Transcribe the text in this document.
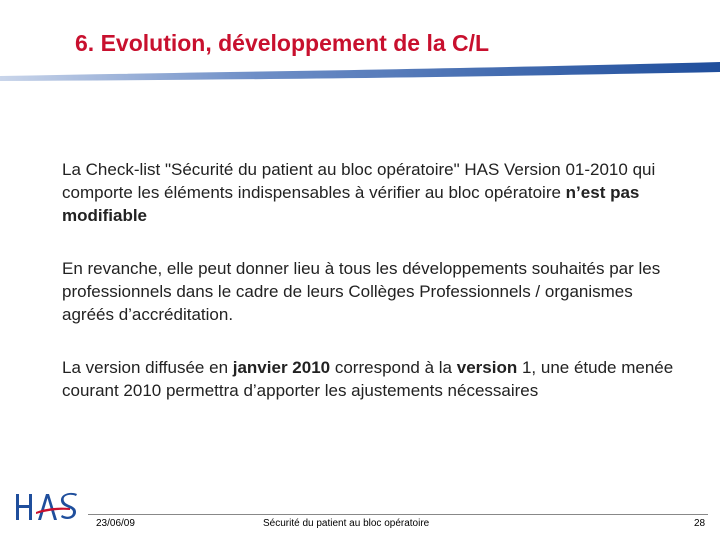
6. Evolution, développement de la C/L

La Check-list "Sécurité du patient au bloc opératoire" HAS Version 01-2010 qui comporte les éléments indispensables à vérifier au bloc opératoire n’est pas modifiable

En revanche, elle peut donner lieu à tous les développements souhaités par les professionnels dans le cadre de leurs Collèges Professionnels / organismes agréés d’accréditation.

La version diffusée en janvier 2010 correspond à la version 1, une étude menée courant 2010 permettra d’apporter les ajustements nécessaires

23/06/09	Sécurité du patient au bloc opératoire	28
